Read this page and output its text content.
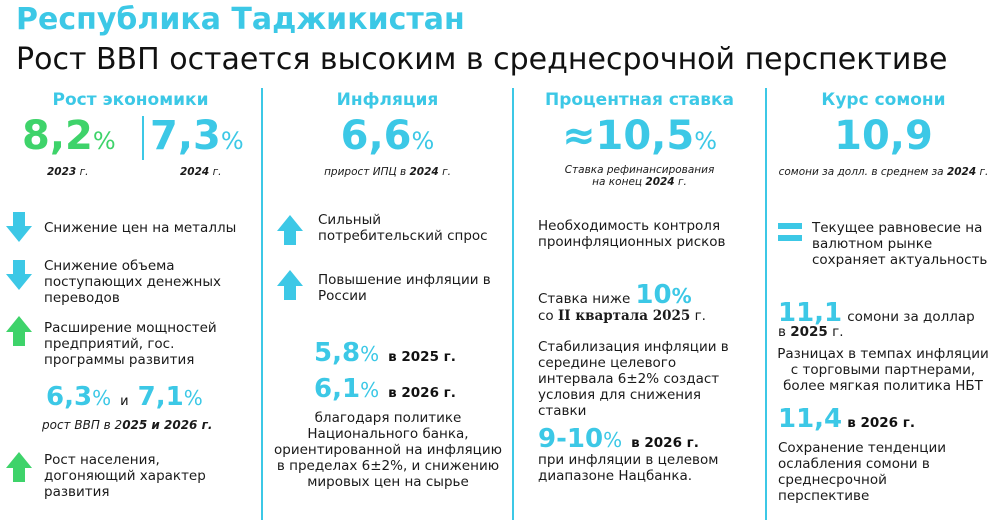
Республика Таджикистан
Рост ВВП остается высоким в среднесрочной перспективе
Рост экономики
8,2% 7,3%
2023 г.	2024 г.
Снижение цен на металлы
Снижение объема поступающих денежных переводов
Расширение мощностей предприятий, гос. программы развития
6,3% и 7,1%
рост ВВП в 2025 и 2026 г.
Рост населения, догоняющий характер развития
Инфляция
6,6%
прирост ИПЦ в 2024 г.
Сильный потребительский спрос
Повышение инфляции в России
5,8% в 2025 г.
6,1% в 2026 г.
благодаря политике Национального банка, ориентированной на инфляцию в пределах 6±2%, и снижению мировых цен на сырье
Процентная ставка
≈10,5%
Ставка рефинансирования
на конец 2024 г.
Необходимость контроля проинфляционных рисков
Ставка ниже 10%
со II квартала 2025 г.
Стабилизация инфляции в середине целевого интервала 6±2% создаст условия для снижения ставки
9-10% в 2026 г.
при инфляции в целевом диапазоне Нацбанка.
Курс сомони
10,9
сомони за долл. в среднем за 2024 г.
Текущее равновесие на валютном рынке сохраняет актуальность
11,1 сомони за доллар
в 2025 г.
Разницах в темпах инфляции с торговыми партнерами, более мягкая политика НБТ
11,4 в 2026 г.
Сохранение тенденции ослабления сомони в среднесрочной перспективе
